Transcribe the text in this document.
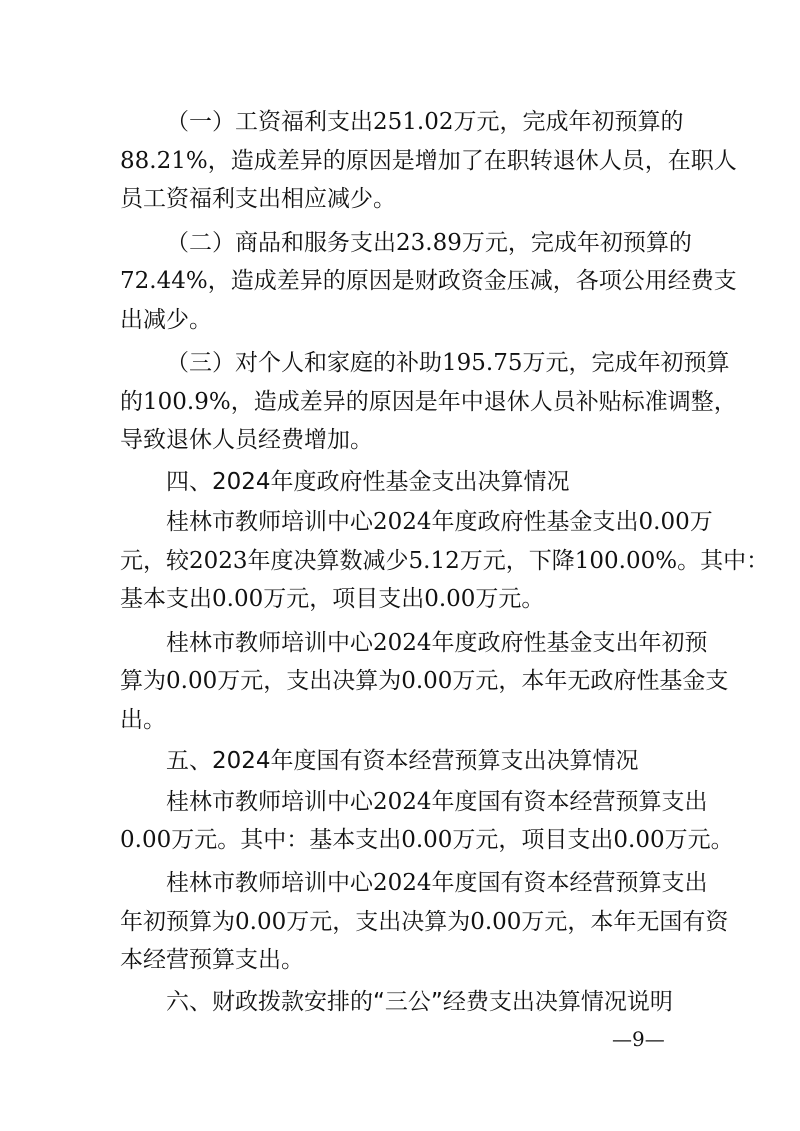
（一）工资福利支出251.02万元，完成年初预算的
88.21%，造成差异的原因是增加了在职转退休人员，在职人
员工资福利支出相应减少。
（二）商品和服务支出23.89万元，完成年初预算的
72.44%，造成差异的原因是财政资金压减，各项公用经费支
出减少。
（三）对个人和家庭的补助195.75万元，完成年初预算
的100.9%，造成差异的原因是年中退休人员补贴标准调整，
导致退休人员经费增加。
四、2024年度政府性基金支出决算情况
桂林市教师培训中心2024年度政府性基金支出0.00万
元，较2023年度决算数减少5.12万元，下降100.00%。其中：
基本支出0.00万元，项目支出0.00万元。
桂林市教师培训中心2024年度政府性基金支出年初预
算为0.00万元，支出决算为0.00万元，本年无政府性基金支
出。
五、2024年度国有资本经营预算支出决算情况
桂林市教师培训中心2024年度国有资本经营预算支出
0.00万元。其中：基本支出0.00万元，项目支出0.00万元。
桂林市教师培训中心2024年度国有资本经营预算支出
年初预算为0.00万元，支出决算为0.00万元，本年无国有资
本经营预算支出。
六、财政拨款安排的“三公”经费支出决算情况说明
—9—
